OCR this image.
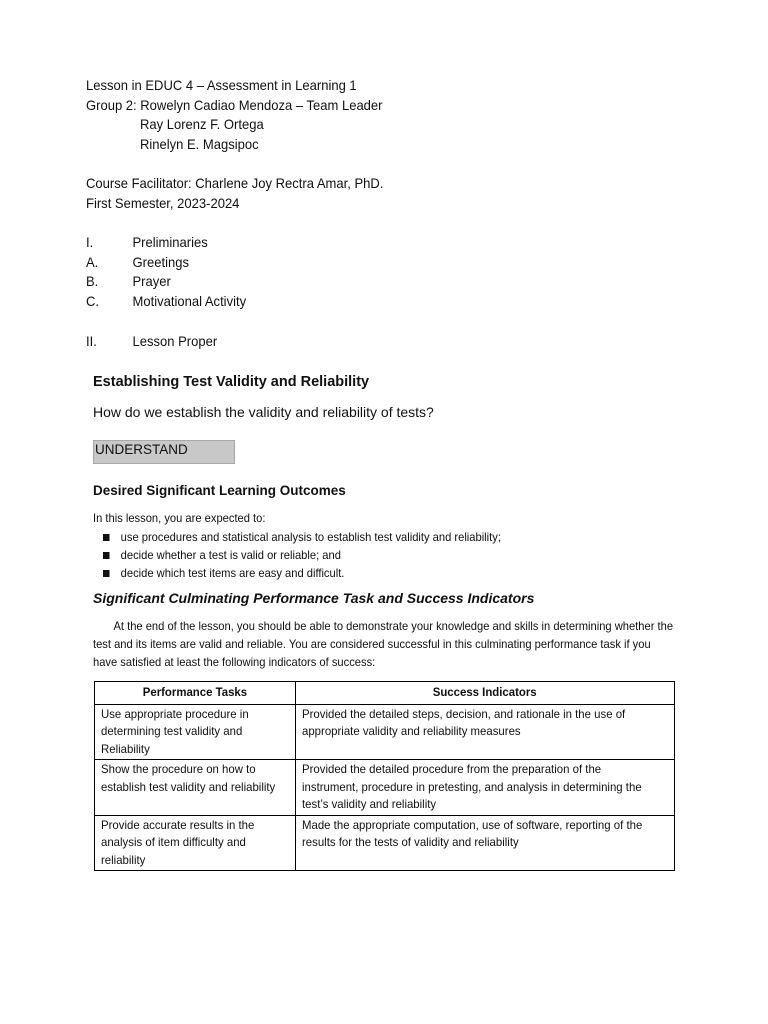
Lesson in EDUC 4 – Assessment in Learning 1
Group 2: Rowelyn Cadiao Mendoza – Team Leader
Ray Lorenz F. Ortega
Rinelyn E. Magsipoc
Course Facilitator: Charlene Joy Rectra Amar, PhD.
First Semester, 2023-2024
I.	Preliminaries
A.	Greetings
B.	Prayer
C.	Motivational Activity
II.	Lesson Proper
Establishing Test Validity and Reliability
How do we establish the validity and reliability of tests?
UNDERSTAND
Desired Significant Learning Outcomes
In this lesson, you are expected to:
use procedures and statistical analysis to establish test validity and reliability;
decide whether a test is valid or reliable; and
decide which test items are easy and difficult.
Significant Culminating Performance Task and Success Indicators
At the end of the lesson, you should be able to demonstrate your knowledge and skills in determining whether the test and its items are valid and reliable. You are considered successful in this culminating performance task if you have satisfied at least the following indicators of success:
Performance Tasks	Success Indicators
Use appropriate procedure in determining test validity and Reliability	Provided the detailed steps, decision, and rationale in the use of appropriate validity and reliability measures
Show the procedure on how to establish test validity and reliability	Provided the detailed procedure from the preparation of the instrument, procedure in pretesting, and analysis in determining the test’s validity and reliability
Provide accurate results in the analysis of item difficulty and reliability	Made the appropriate computation, use of software, reporting of the results for the tests of validity and reliability
